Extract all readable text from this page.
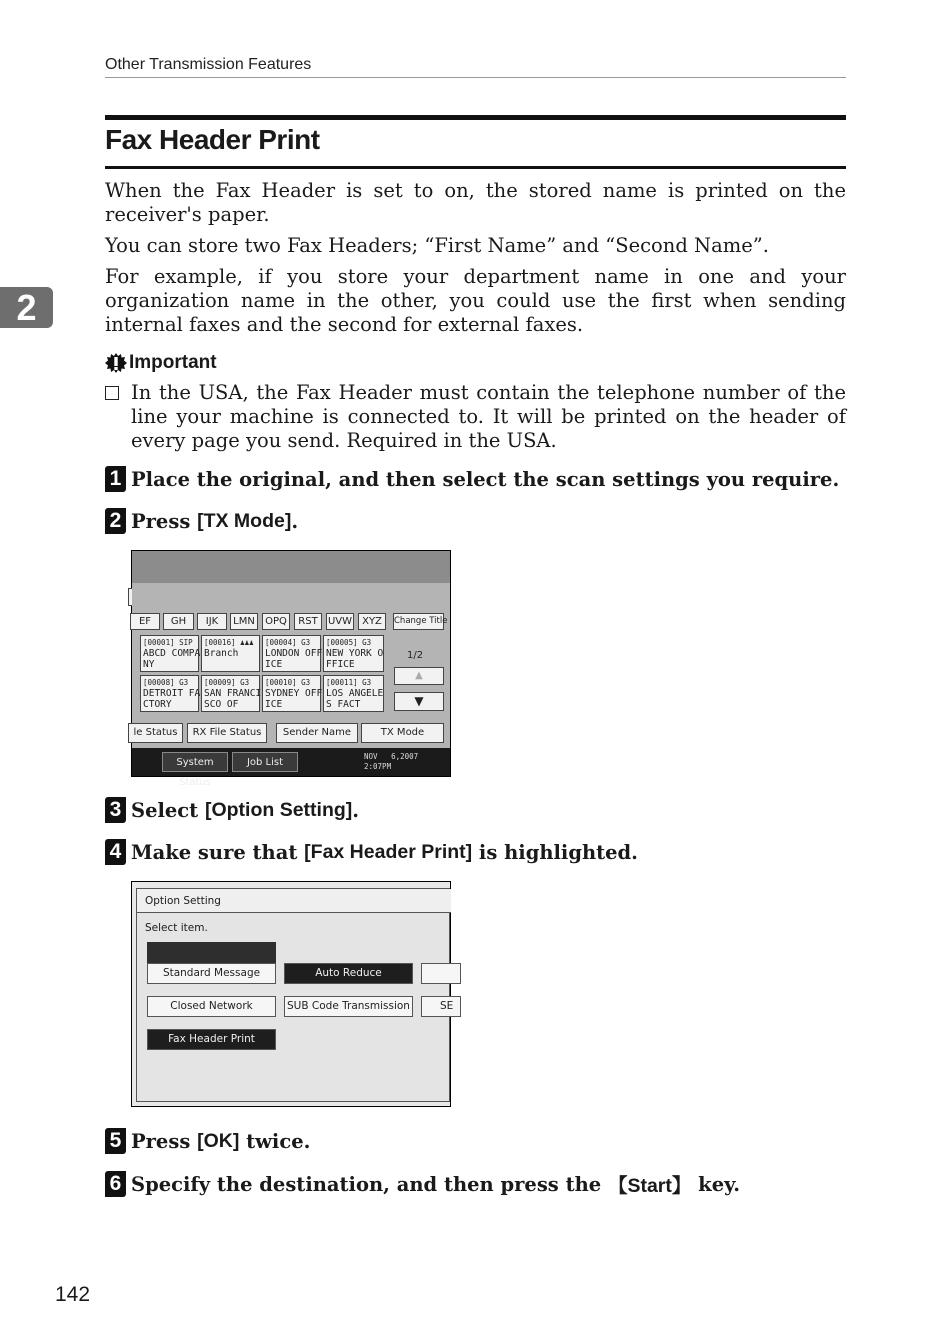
Other Transmission Features
Fax Header Print
2
When the Fax Header is set to on, the stored name is printed on the receiver's paper.
You can store two Fax Headers; “First Name” and “Second Name”.
For example, if you store your department name in one and your organization name in the other, you could use the first when sending internal faxes and the second for external faxes.
Important
In the USA, the Fax Header must contain the telephone number of the line your machine is connected to. It will be printed on the header of every page you send. Required in the USA.
1 Place the original, and then select the scan settings you require.
2 Press [TX Mode] .
EF	GH	IJK	LMN	OPQ	RST	UVW	XYZ	Change Title
[00001] SIP
ABCD COMPA
NY
[00016] ♟♟♟
Branch

[00004] G3
LONDON OFF
ICE
[00005] G3
NEW YORK O
FFICE
[00008] G3
DETROIT FA
CTORY
[00009] G3
SAN FRANCI
SCO OF
[00010] G3
SYDNEY OFF
ICE
[00011] G3
LOS ANGELE
S FACT
1/2
▲
▼
le Status	RX File Status	Sender Name	TX Mode
System Status
Job List
NOV   6,2007
2:07PM
3 Select [Option Setting] .
4 Make sure that [Fax Header Print] is highlighted.
Option Setting
Select item.
Standard Message	Auto Reduce
Closed Network	SUB Code Transmission	SE
Fax Header Print
5 Press [OK] twice.
6 Specify the destination, and then press the 【Start】 key.
142
